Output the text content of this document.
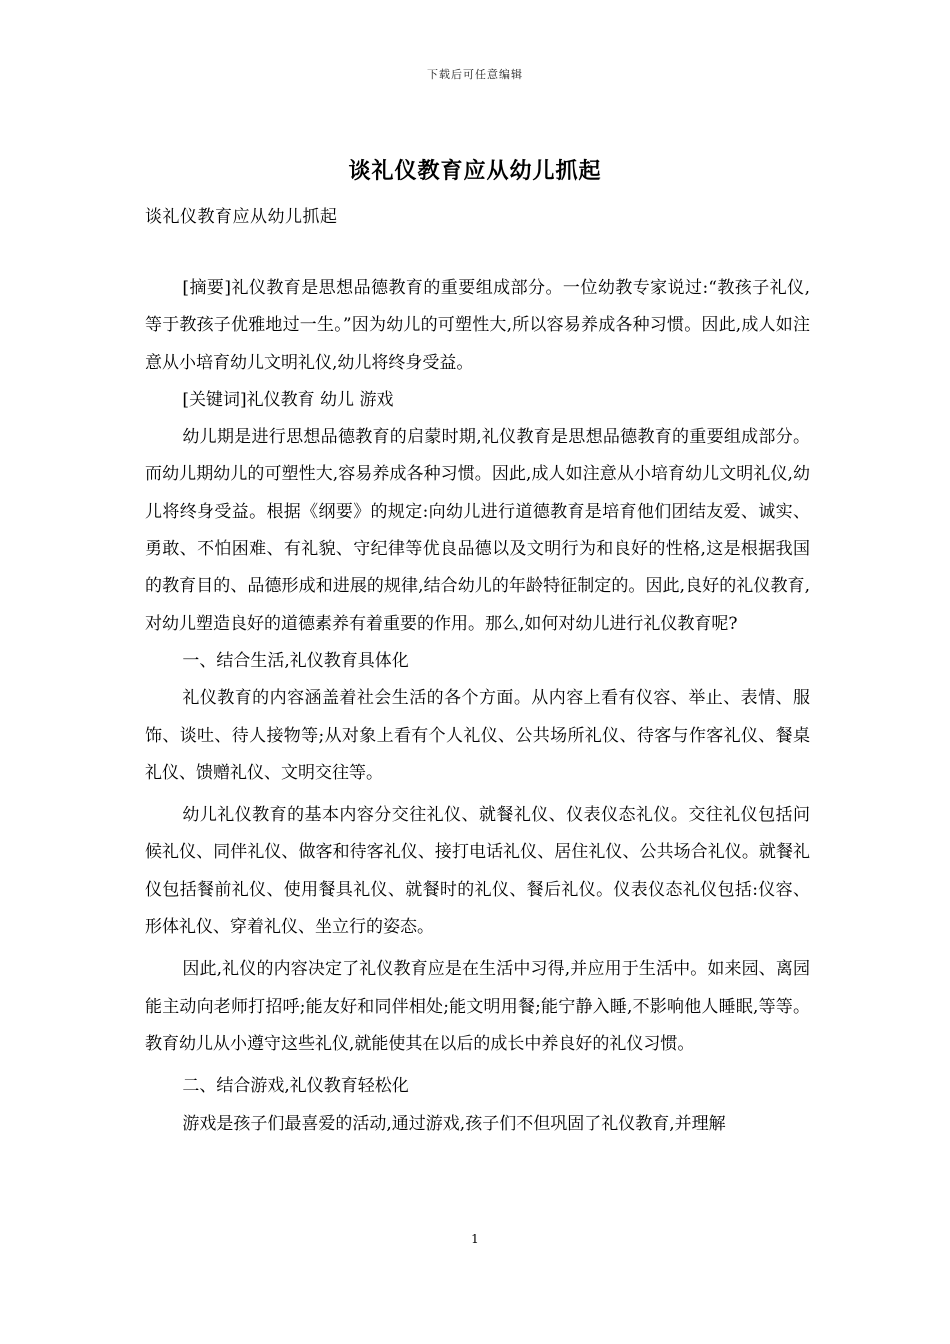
下载后可任意编辑
谈礼仪教育应从幼儿抓起
谈礼仪教育应从幼儿抓起

[摘要]礼仪教育是思想品德教育的重要组成部分。一位幼教专家说过:“教孩子礼仪,等于教孩子优雅地过一生。”因为幼儿的可塑性大,所以容易养成各种习惯。因此,成人如注意从小培育幼儿文明礼仪,幼儿将终身受益。

[关键词]礼仪教育 幼儿 游戏

幼儿期是进行思想品德教育的启蒙时期,礼仪教育是思想品德教育的重要组成部分。而幼儿期幼儿的可塑性大,容易养成各种习惯。因此,成人如注意从小培育幼儿文明礼仪,幼儿将终身受益。根据《纲要》的规定:向幼儿进行道德教育是培育他们团结友爱、诚实、勇敢、不怕困难、有礼貌、守纪律等优良品德以及文明行为和良好的性格,这是根据我国的教育目的、品德形成和进展的规律,结合幼儿的年龄特征制定的。因此,良好的礼仪教育,对幼儿塑造良好的道德素养有着重要的作用。那么,如何对幼儿进行礼仪教育呢?

一、结合生活,礼仪教育具体化

礼仪教育的内容涵盖着社会生活的各个方面。从内容上看有仪容、举止、表情、服饰、谈吐、待人接物等;从对象上看有个人礼仪、公共场所礼仪、待客与作客礼仪、餐桌礼仪、馈赠礼仪、文明交往等。

幼儿礼仪教育的基本内容分交往礼仪、就餐礼仪、仪表仪态礼仪。交往礼仪包括问候礼仪、同伴礼仪、做客和待客礼仪、接打电话礼仪、居住礼仪、公共场合礼仪。就餐礼仪包括餐前礼仪、使用餐具礼仪、就餐时的礼仪、餐后礼仪。仪表仪态礼仪包括:仪容、形体礼仪、穿着礼仪、坐立行的姿态。

因此,礼仪的内容决定了礼仪教育应是在生活中习得,并应用于生活中。如来园、离园能主动向老师打招呼;能友好和同伴相处;能文明用餐;能宁静入睡,不影响他人睡眠,等等。教育幼儿从小遵守这些礼仪,就能使其在以后的成长中养良好的礼仪习惯。

二、结合游戏,礼仪教育轻松化

游戏是孩子们最喜爱的活动,通过游戏,孩子们不但巩固了礼仪教育,并理解

1
